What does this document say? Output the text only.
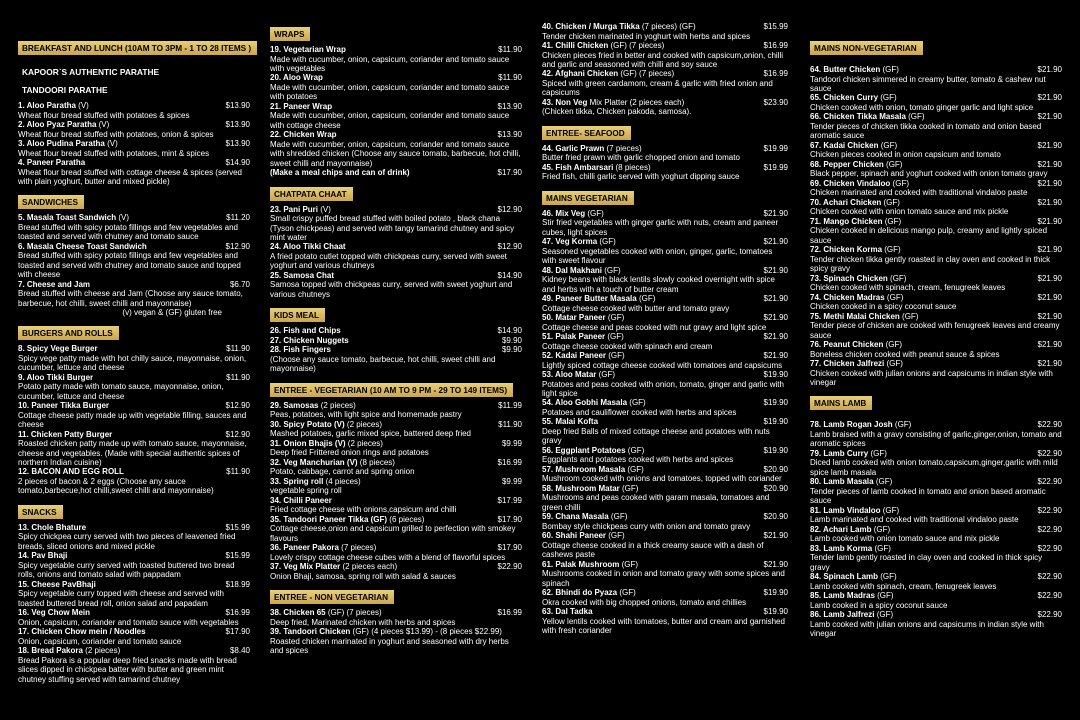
BREAKFAST AND LUNCH (10AM TO 3PM - 1 TO 28 ITEMS )
KAPOOR`S AUTHENTIC PARATHE
TANDOORI PARATHE
1. Aloo Paratha (V)	$13.90
Wheat flour bread stuffed with potatoes & spices
2. Aloo Pyaz Paratha (V)	$13.90
Wheat flour bread stuffed with potatoes, onion & spices
3. Aloo Pudina Paratha (V)	$13.90
Wheat flour bread stuffed with potatoes, mint & spices
4. Paneer Paratha	$14.90
Wheat flour bread stuffed with cottage cheese & spices (served with plain yoghurt, butter and mixed pickle)
SANDWICHES
5. Masala Toast Sandwich (V)	$11.20
Bread stuffed with spicy potato fillings and few vegetables and toasted and served with chutney and tomato sauce
6. Masala Cheese Toast Sandwich	$12.90
Bread stuffed with spicy potato fillings and few vegetables and toasted and served with chutney and tomato sauce and topped with cheese
7. Cheese and Jam	$6.70
Bread stuffed with cheese and Jam (Choose any sauce tomato, barbecue, hot chilli, sweet chilli and mayonnaise)
(v) vegan & (GF) gluten free
BURGERS AND ROLLS
8. Spicy Vege Burger	$11.90
Spicy vege patty made with hot chilly sauce, mayonnaise, onion, cucumber, lettuce and cheese
9. Aloo Tikki Burger	$11.90
Potato patty made with tomato sauce, mayonnaise, onion, cucumber, lettuce and cheese
10. Paneer Tikka Burger	$12.90
Cottage cheese patty made up with vegetable filling, sauces and cheese
11. Chicken Patty Burger	$12.90
Roasted chicken patty made up with tomato sauce, mayonnaise, cheese and vegetables. (Made with special authentic spices of northern Indian cuisine)
12. BACON AND EGG ROLL	$11.90
2 pieces of bacon & 2 eggs (Choose any sauce tomato,barbecue,hot chilli,sweet chilli and mayonnaise)
SNACKS
13. Chole Bhature	$15.99
Spicy chickpea curry served with two pieces of leavened fried breads, sliced onions and mixed pickle
14. Pav Bhaji	$15.99
Spicy vegetable curry served with toasted buttered two bread rolls, onions and tomato salad with pappadam
15. Cheese PavBhaji	$18.99
Spicy vegetable curry topped with cheese and served with toasted buttered bread roll, onion salad and papadam
16. Veg Chow Mein	$16.99
Onion, capsicum, coriander and tomato sauce with vegetables
17. Chicken Chow mein / Noodles	$17.90
Onion, capsicum, coriander and tomato sauce
18. Bread Pakora (2 pieces)	$8.40
Bread Pakora is a popular deep fried snacks made with bread slices dipped in chickpea batter with butter and green mint chutney stuffing served with tamarind chutney
WRAPS
19. Vegetarian Wrap	$11.90
Made with cucumber, onion, capsicum, coriander and tomato sauce with vegetables
20. Aloo Wrap	$11.90
Made with cucumber, onion, capsicum, coriander and tomato sauce with potatoes
21. Paneer Wrap	$13.90
Made with cucumber, onion, capsicum, coriander and tomato sauce with cottage cheese
22. Chicken Wrap	$13.90
Made with cucumber, onion, capsicum, coriander and tomato sauce with shredded chicken (Choose any sauce tomato, barbecue, hot chilli, sweet chilli and mayonnaise)
(Make a meal chips and can of drink)	$17.90
CHATPATA CHAAT
23. Pani Puri (V)	$12.90
Small crispy puffed bread stuffed with boiled potato , black chana (Tyson chickpeas) and served with tangy tamarind chutney and spicy mint water
24. Aloo Tikki Chaat	$12.90
A fried potato cutlet topped with chickpeas curry, served with sweet yoghurt and various chutneys
25. Samosa Chat	$14.90
Samosa topped with chickpeas curry, served with sweet yoghurt and various chutneys
KIDS MEAL
26. Fish and Chips	$14.90
27. Chicken Nuggets	$9.90
28. Fish Fingers	$9.90
(Choose any sauce tomato, barbecue, hot chilli, sweet chilli and mayonnaise)
ENTREE - VEGETARIAN (10 AM TO 9 PM - 29 TO 149 ITEMS)
29. Samosas (2 pieces)	$11.99
Peas, potatoes, with light spice and homemade pastry
30. Spicy Potato (V) (2 pieces)	$11.90
Mashed potatoes, garlic mixed spice, battered deep fried
31. Onion Bhajis (V) (2 pieces)	$9.99
Deep fried Frittered onion rings and potatoes
32. Veg Manchurian (V) (8 pieces)	$16.99
Potato, cabbage, carrot and spring onion
33. Spring roll (4 pieces)	$9.99
vegetable spring roll
34. Chilli Paneer	$17.99
Fried cottage cheese with onions,capsicum and chilli
35. Tandoori Paneer Tikka (GF) (6 pieces)	$17.90
Cottage cheese,onion and capsicum grilled to perfection with smokey flavours
36. Paneer Pakora (7 pieces)	$17.90
Lovely crispy cottage cheese cubes with a blend of flavorful spices
37. Veg Mix Platter (2 pieces each)	$22.90
Onion Bhaji, samosa, spring roll with salad & sauces
ENTREE - NON VEGETARIAN
38. Chicken 65 (GF) (7 pieces)	$16.99
Deep fried, Marinated chicken with herbs and spices
39. Tandoori Chicken (GF) (4 pieces $13.99) - (8 pieces $22.99)
Roasted chicken marinated in yoghurt and seasoned with dry herbs and spices
40. Chicken / Murga Tikka (7 pieces) (GF)	$15.99
Tender chicken marinated in yoghurt with herbs and spices
41. Chilli Chicken (GF) (7 pieces)	$16.99
Chicken pieces fried in better and cooked with capsicum,onion, chilli and garlic and seasoned with chilli and soy sauce
42. Afghani Chicken (GF) (7 pieces)	$16.99
Spiced with green cardamom, cream & garlic with fried onion and capsicums
43. Non Veg Mix Platter (2 pieces each)	$23.90
(Chicken tikka, Chicken pakoda, samosa).
ENTREE- SEAFOOD
44. Garlic Prawn (7 pieces)	$19.99
Butter fried prawn with garlic chopped onion and tomato
45. Fish Ambarsari (8 pieces)	$19.99
Fried fish, chilli garlic served with yoghurt dipping sauce
MAINS VEGETARIAN
46. Mix Veg (GF)	$21.90
Stir fried vegetables with ginger garlic with nuts, cream and paneer cubes, light spices
47. Veg Korma (GF)	$21.90
Seasoned vegetables cooked with onion, ginger, garlic, tomatoes with sweet flavour
48. Dal Makhani (GF)	$21.90
Kidney beans with black lentils slowly cooked overnight with spice and herbs with a touch of butter cream
49. Paneer Butter Masala (GF)	$21.90
Cottage cheese cooked with butter and tomato gravy
50. Matar Paneer (GF)	$21.90
Cottage cheese and peas cooked with nut gravy and light spice
51. Palak Paneer (GF)	$21.90
Cottage cheese cooked with spinach and cream
52. Kadai Paneer (GF)	$21.90
Lightly spiced cottage cheese cooked with tomatoes and capsicums
53. Aloo Matar (GF)	$19.90
Potatoes and peas cooked with onion, tomato, ginger and garlic with light spice
54. Aloo Gobhi Masala (GF)	$19.90
Potatoes and cauliflower cooked with herbs and spices
55. Malai Kofta	$19.90
Deep fried Balls of mixed cottage cheese and potatoes with nuts gravy
56. Eggplant Potatoes (GF)	$19.90
Eggplants and potatoes cooked with herbs and spices
57. Mushroom Masala (GF)	$20.90
Mushroom cooked with onions and tomatoes, topped with coriander
58. Mushroom Matar (GF)	$20.90
Mushrooms and peas cooked with garam masala, tomatoes and green chilli
59. Chana Masala (GF)	$20.90
Bombay style chickpeas curry with onion and tomato gravy
60. Shahi Paneer (GF)	$21.90
Cottage cheese cooked in a thick creamy sauce with a dash of cashews paste
61. Palak Mushroom (GF)	$21.90
Mushrooms cooked in onion and tomato gravy with some spices and spinach
62. Bhindi do Pyaza (GF)	$19.90
Okra cooked with big chopped onions, tomato and chillies
63. Dal Tadka	$19.90
Yellow lentils cooked with tomatoes, butter and cream and garnished with fresh coriander
MAINS NON-VEGETARIAN
64. Butter Chicken (GF)	$21.90
Tandoori chicken simmered in creamy butter, tomato & cashew nut sauce
65. Chicken Curry (GF)	$21.90
Chicken cooked with onion, tomato ginger garlic and light spice
66. Chicken Tikka Masala (GF)	$21.90
Tender pieces of chicken tikka cooked in tomato and onion based aromatic sauce
67. Kadai Chicken (GF)	$21.90
Chicken pieces cooked in onion capsicum and tomato
68. Pepper Chicken (GF)	$21.90
Black pepper, spinach and yoghurt cooked with onion tomato gravy
69. Chicken Vindaloo (GF)	$21.90
Chicken marinated and cooked with traditional vindaloo paste
70. Achari Chicken (GF)	$21.90
Chicken cooked with onion tomato sauce and mix pickle
71. Mango Chicken (GF)	$21.90
Chicken cooked in delicious mango pulp, creamy and lightly spiced sauce
72. Chicken Korma (GF)	$21.90
Tender chicken tikka gently roasted in clay oven and cooked in thick spicy gravy
73. Spinach Chicken (GF)	$21.90
Chicken cooked with spinach, cream, fenugreek leaves
74. Chicken Madras (GF)	$21.90
Chicken cooked in a spicy coconut sauce
75. Methi Malai Chicken (GF)	$21.90
Tender piece of chicken are cooked with fenugreek leaves and creamy sauce
76. Peanut Chicken (GF)	$21.90
Boneless chicken cooked with peanut sauce & spices
77. Chicken Jalfrezi (GF)	$21.90
Chicken cooked with julian onions and capsicums in indian style with vinegar
MAINS LAMB
78. Lamb Rogan Josh (GF)	$22.90
Lamb braised with a gravy consisting of garlic,ginger,onion, tomato and aromatic spices
79. Lamb Curry (GF)	$22.90
Diced lamb cooked with onion tomato,capsicum,ginger,garlic with mild spice lamb masala
80. Lamb Masala (GF)	$22.90
Tender pieces of lamb cooked in tomato and onion based aromatic sauce
81. Lamb Vindaloo (GF)	$22.90
Lamb marinated and cooked with traditional vindaloo paste
82. Achari Lamb (GF)	$22.90
Lamb cooked with onion tomato sauce and mix pickle
83. Lamb Korma (GF)	$22.90
Tender lamb gently roasted in clay oven and cooked in thick spicy gravy
84. Spinach Lamb (GF)	$22.90
Lamb cooked with spinach, cream, fenugreek leaves
85. Lamb Madras (GF)	$22.90
Lamb cooked in a spicy coconut sauce
86. Lamb Jalfrezi (GF)	$22.90
Lamb cooked with julian onions and capsicums in indian style with vinegar
